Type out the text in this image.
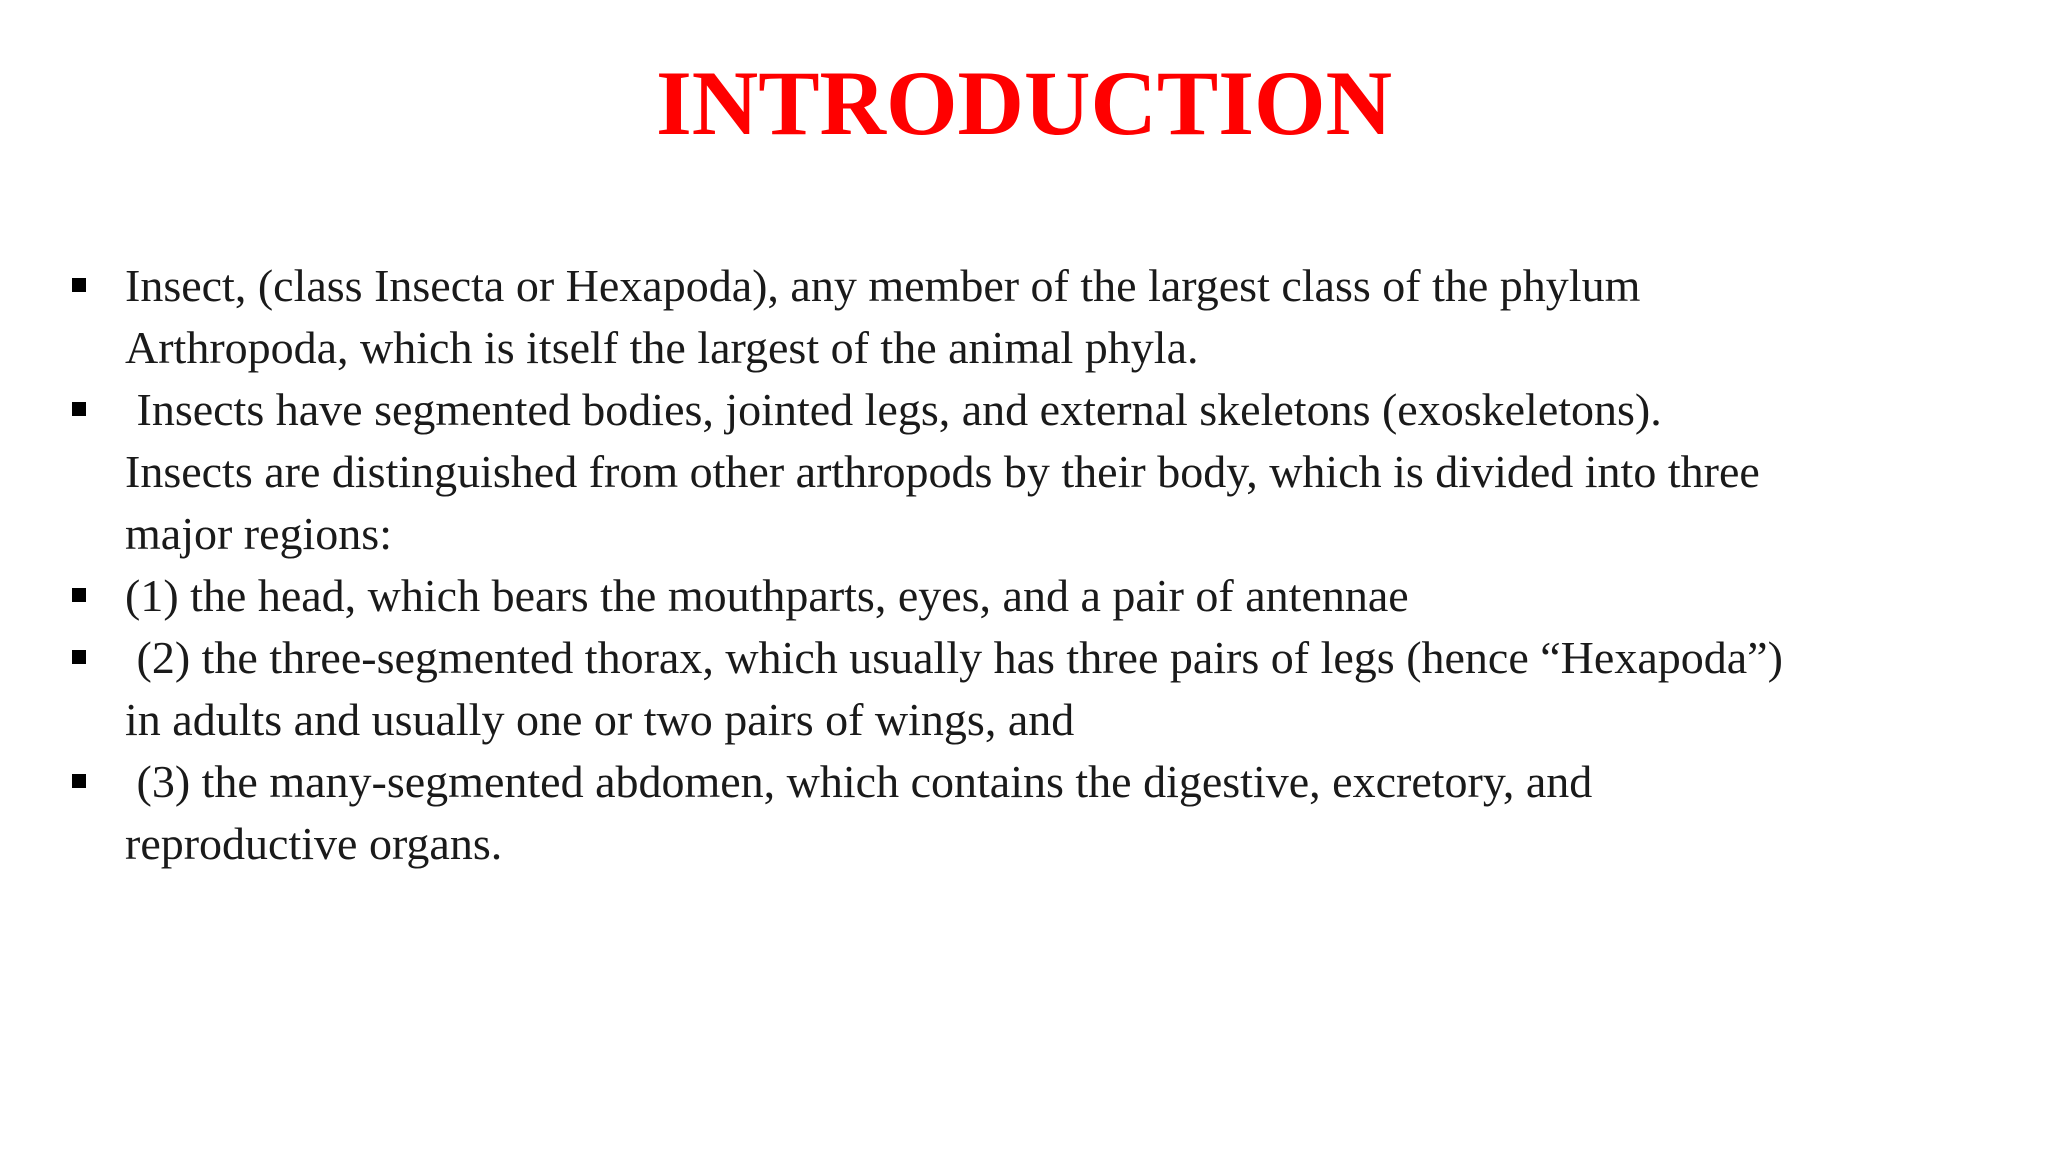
INTRODUCTION
Insect, (class Insecta or Hexapoda), any member of the largest class of the phylum
Arthropoda, which is itself the largest of the animal phyla.
Insects have segmented bodies, jointed legs, and external skeletons (exoskeletons).
Insects are distinguished from other arthropods by their body, which is divided into three
major regions:
(1) the head, which bears the mouthparts, eyes, and a pair of antennae
(2) the three-segmented thorax, which usually has three pairs of legs (hence “Hexapoda”)
in adults and usually one or two pairs of wings, and
(3) the many-segmented abdomen, which contains the digestive, excretory, and
reproductive organs.
